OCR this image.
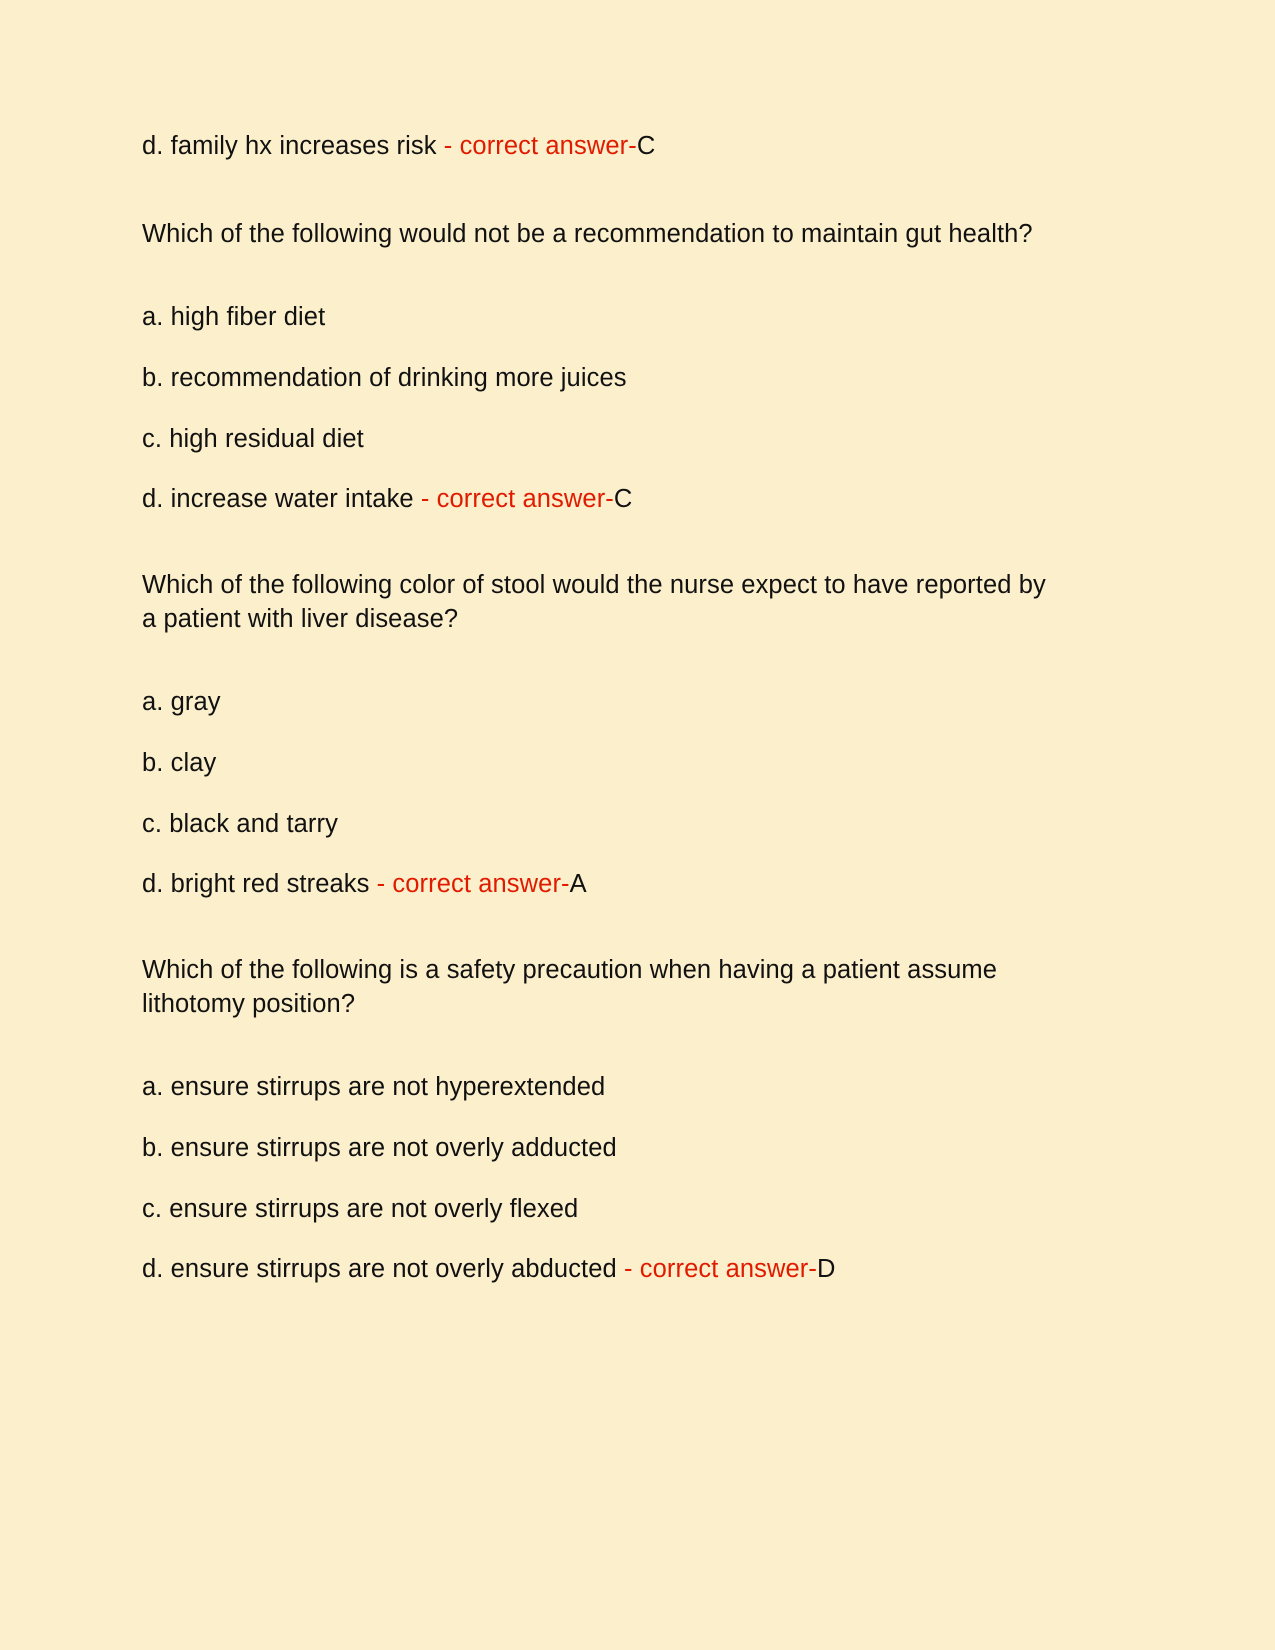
d. family hx increases risk - correct answer-C

Which of the following would not be a recommendation to maintain gut health?

a. high fiber diet

b. recommendation of drinking more juices

c. high residual diet

d. increase water intake - correct answer-C

Which of the following color of stool would the nurse expect to have reported by

a patient with liver disease?

a. gray

b. clay

c. black and tarry

d. bright red streaks - correct answer-A

Which of the following is a safety precaution when having a patient assume

lithotomy position?

a. ensure stirrups are not hyperextended

b. ensure stirrups are not overly adducted

c. ensure stirrups are not overly flexed

d. ensure stirrups are not overly abducted - correct answer-D
